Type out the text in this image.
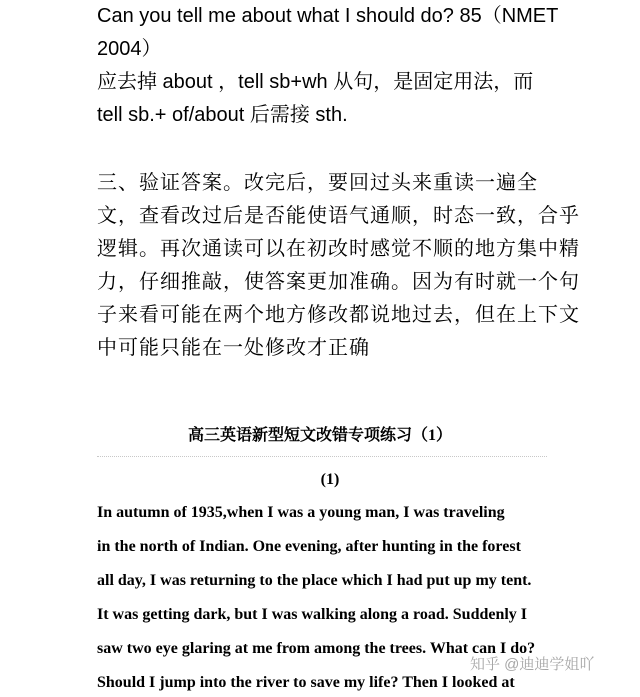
Can you tell me about what I should do? 85（NMET
2004）
应去掉 about ，tell sb+wh 从句，是固定用法，而
tell sb.+ of/about 后需接 sth.
三、验证答案。改完后，要回过头来重读一遍全
文，查看改过后是否能使语气通顺，时态一致，合乎
逻辑。再次通读可以在初改时感觉不顺的地方集中精
力，仔细推敲，使答案更加准确。因为有时就一个句
子来看可能在两个地方修改都说地过去，但在上下文
中可能只能在一处修改才正确
高三英语新型短文改错专项练习（1）
(1)
In autumn of 1935,when I was a young man, I was traveling
in the north of Indian. One evening, after hunting in the forest
all day, I was returning to the place which I had put up my tent.
It was getting dark, but I was walking along a road. Suddenly I
saw two eye glaring at me from among the trees. What can I do?
Should I jump into the river to save my life? Then I looked at
知乎 @迪迪学姐吖
